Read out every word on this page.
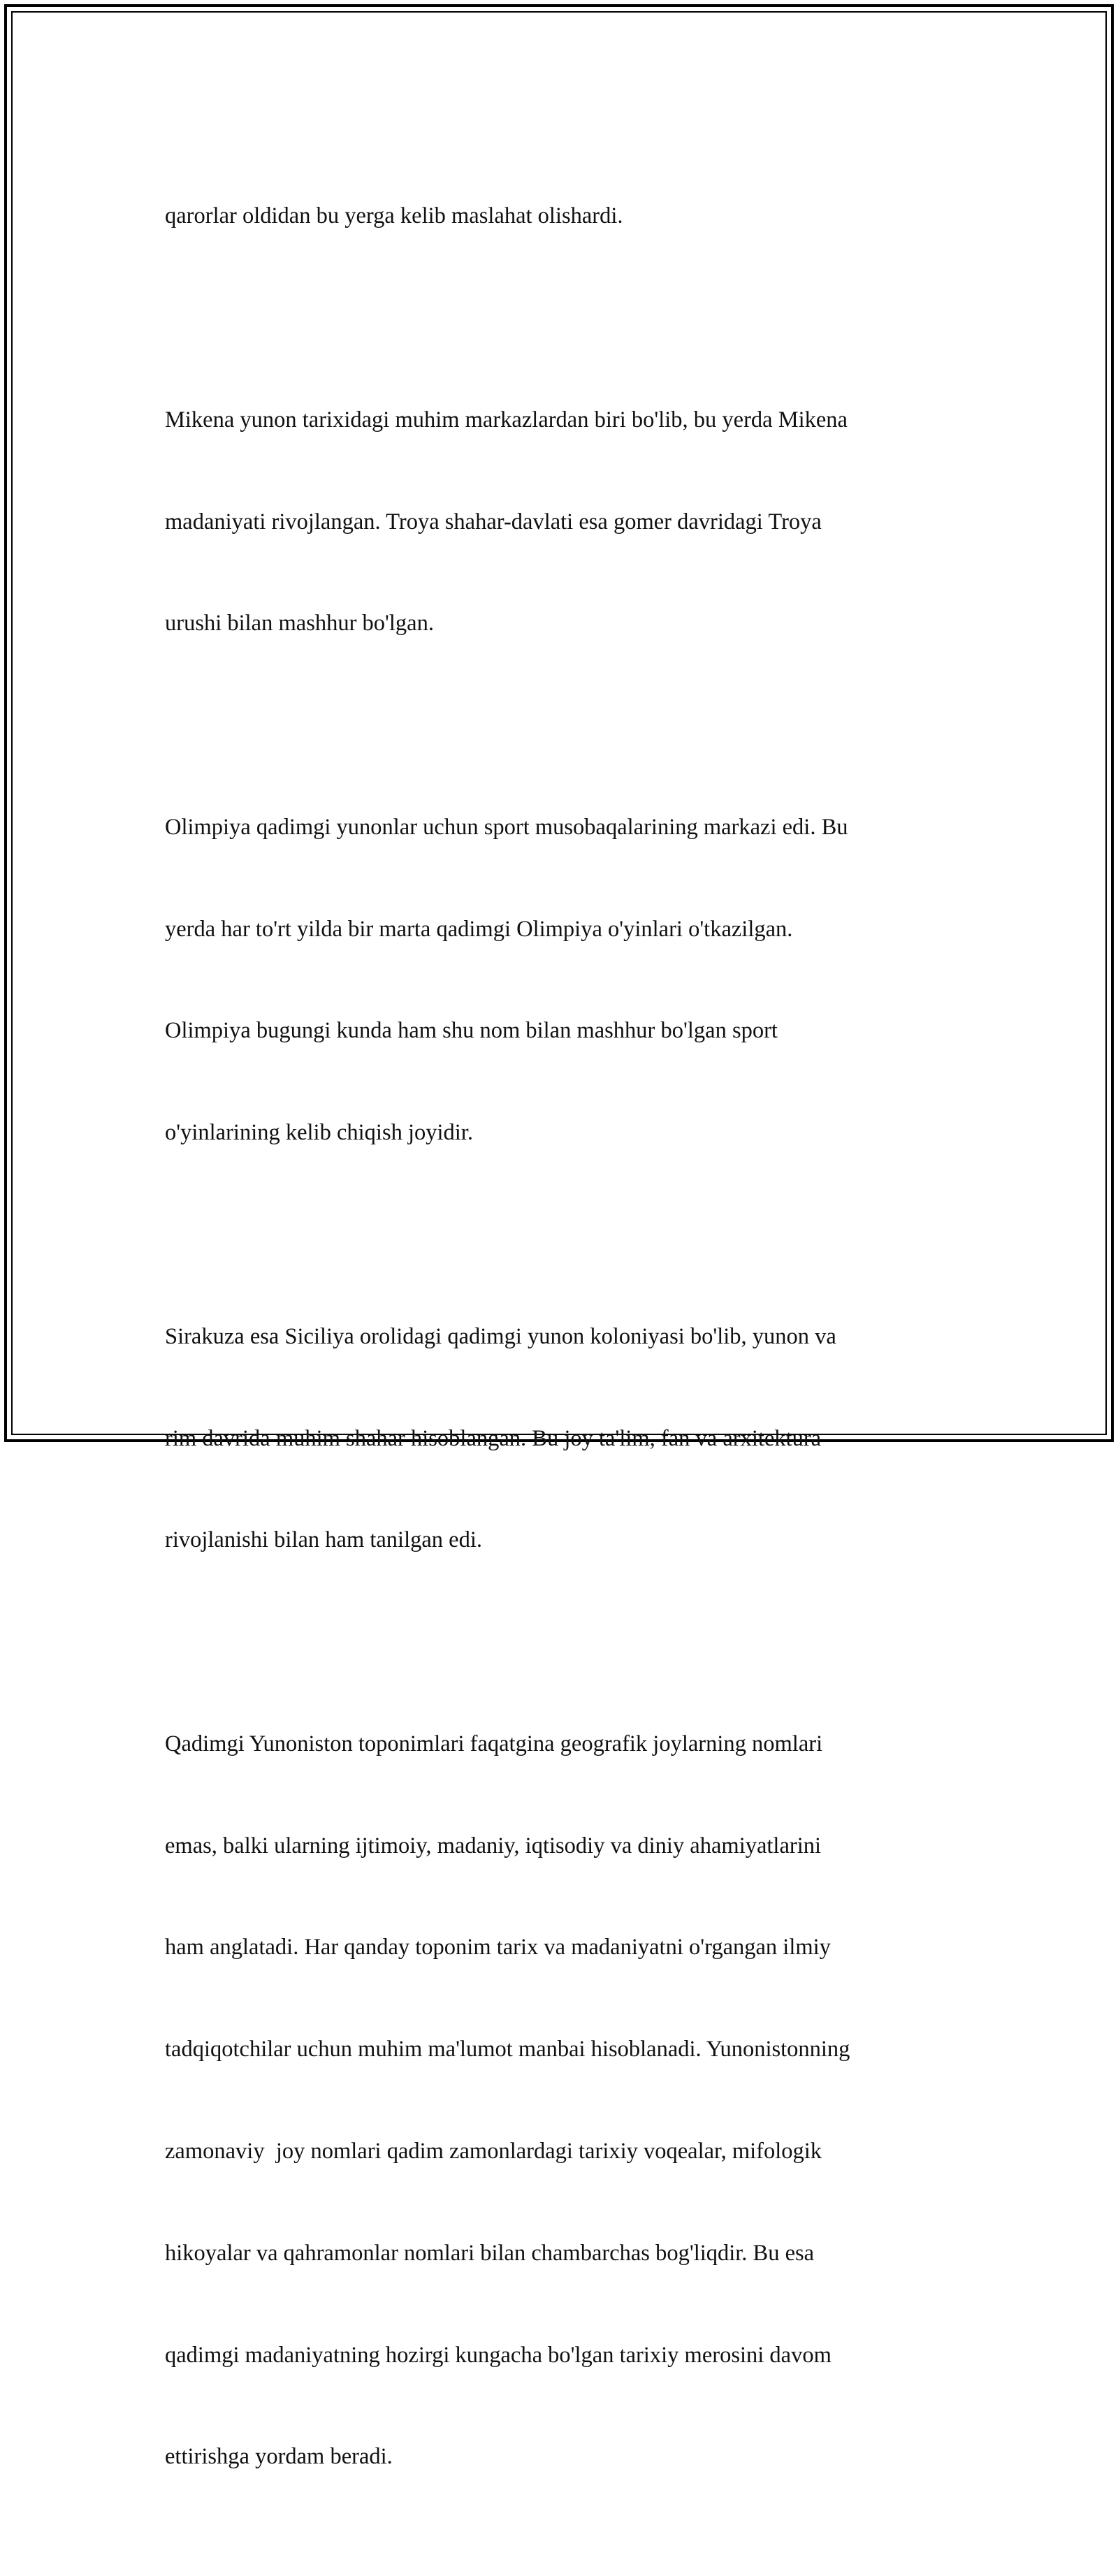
qarorlar oldidan bu yerga kelib maslahat olishardi.

Mikena yunon tarixidagi muhim markazlardan biri bo'lib, bu yerda Mikena

madaniyati rivojlangan. Troya shahar-davlati esa gomer davridagi Troya

urushi bilan mashhur bo'lgan.

Olimpiya qadimgi yunonlar uchun sport musobaqalarining markazi edi. Bu

yerda har to'rt yilda bir marta qadimgi Olimpiya o'yinlari o'tkazilgan.

Olimpiya bugungi kunda ham shu nom bilan mashhur bo'lgan sport

o'yinlarining kelib chiqish joyidir.

Sirakuza esa Siciliya orolidagi qadimgi yunon koloniyasi bo'lib, yunon va

rim davrida muhim shahar hisoblangan. Bu joy ta'lim, fan va arxitektura

rivojlanishi bilan ham tanilgan edi.

Qadimgi Yunoniston toponimlari faqatgina geografik joylarning nomlari

emas, balki ularning ijtimoiy, madaniy, iqtisodiy va diniy ahamiyatlarini

ham anglatadi. Har qanday toponim tarix va madaniyatni o'rgangan ilmiy

tadqiqotchilar uchun muhim ma'lumot manbai hisoblanadi. Yunonistonning

zamonaviy  joy nomlari qadim zamonlardagi tarixiy voqealar, mifologik

hikoyalar va qahramonlar nomlari bilan chambarchas bog'liqdir. Bu esa

qadimgi madaniyatning hozirgi kungacha bo'lgan tarixiy merosini davom

ettirishga yordam beradi.
